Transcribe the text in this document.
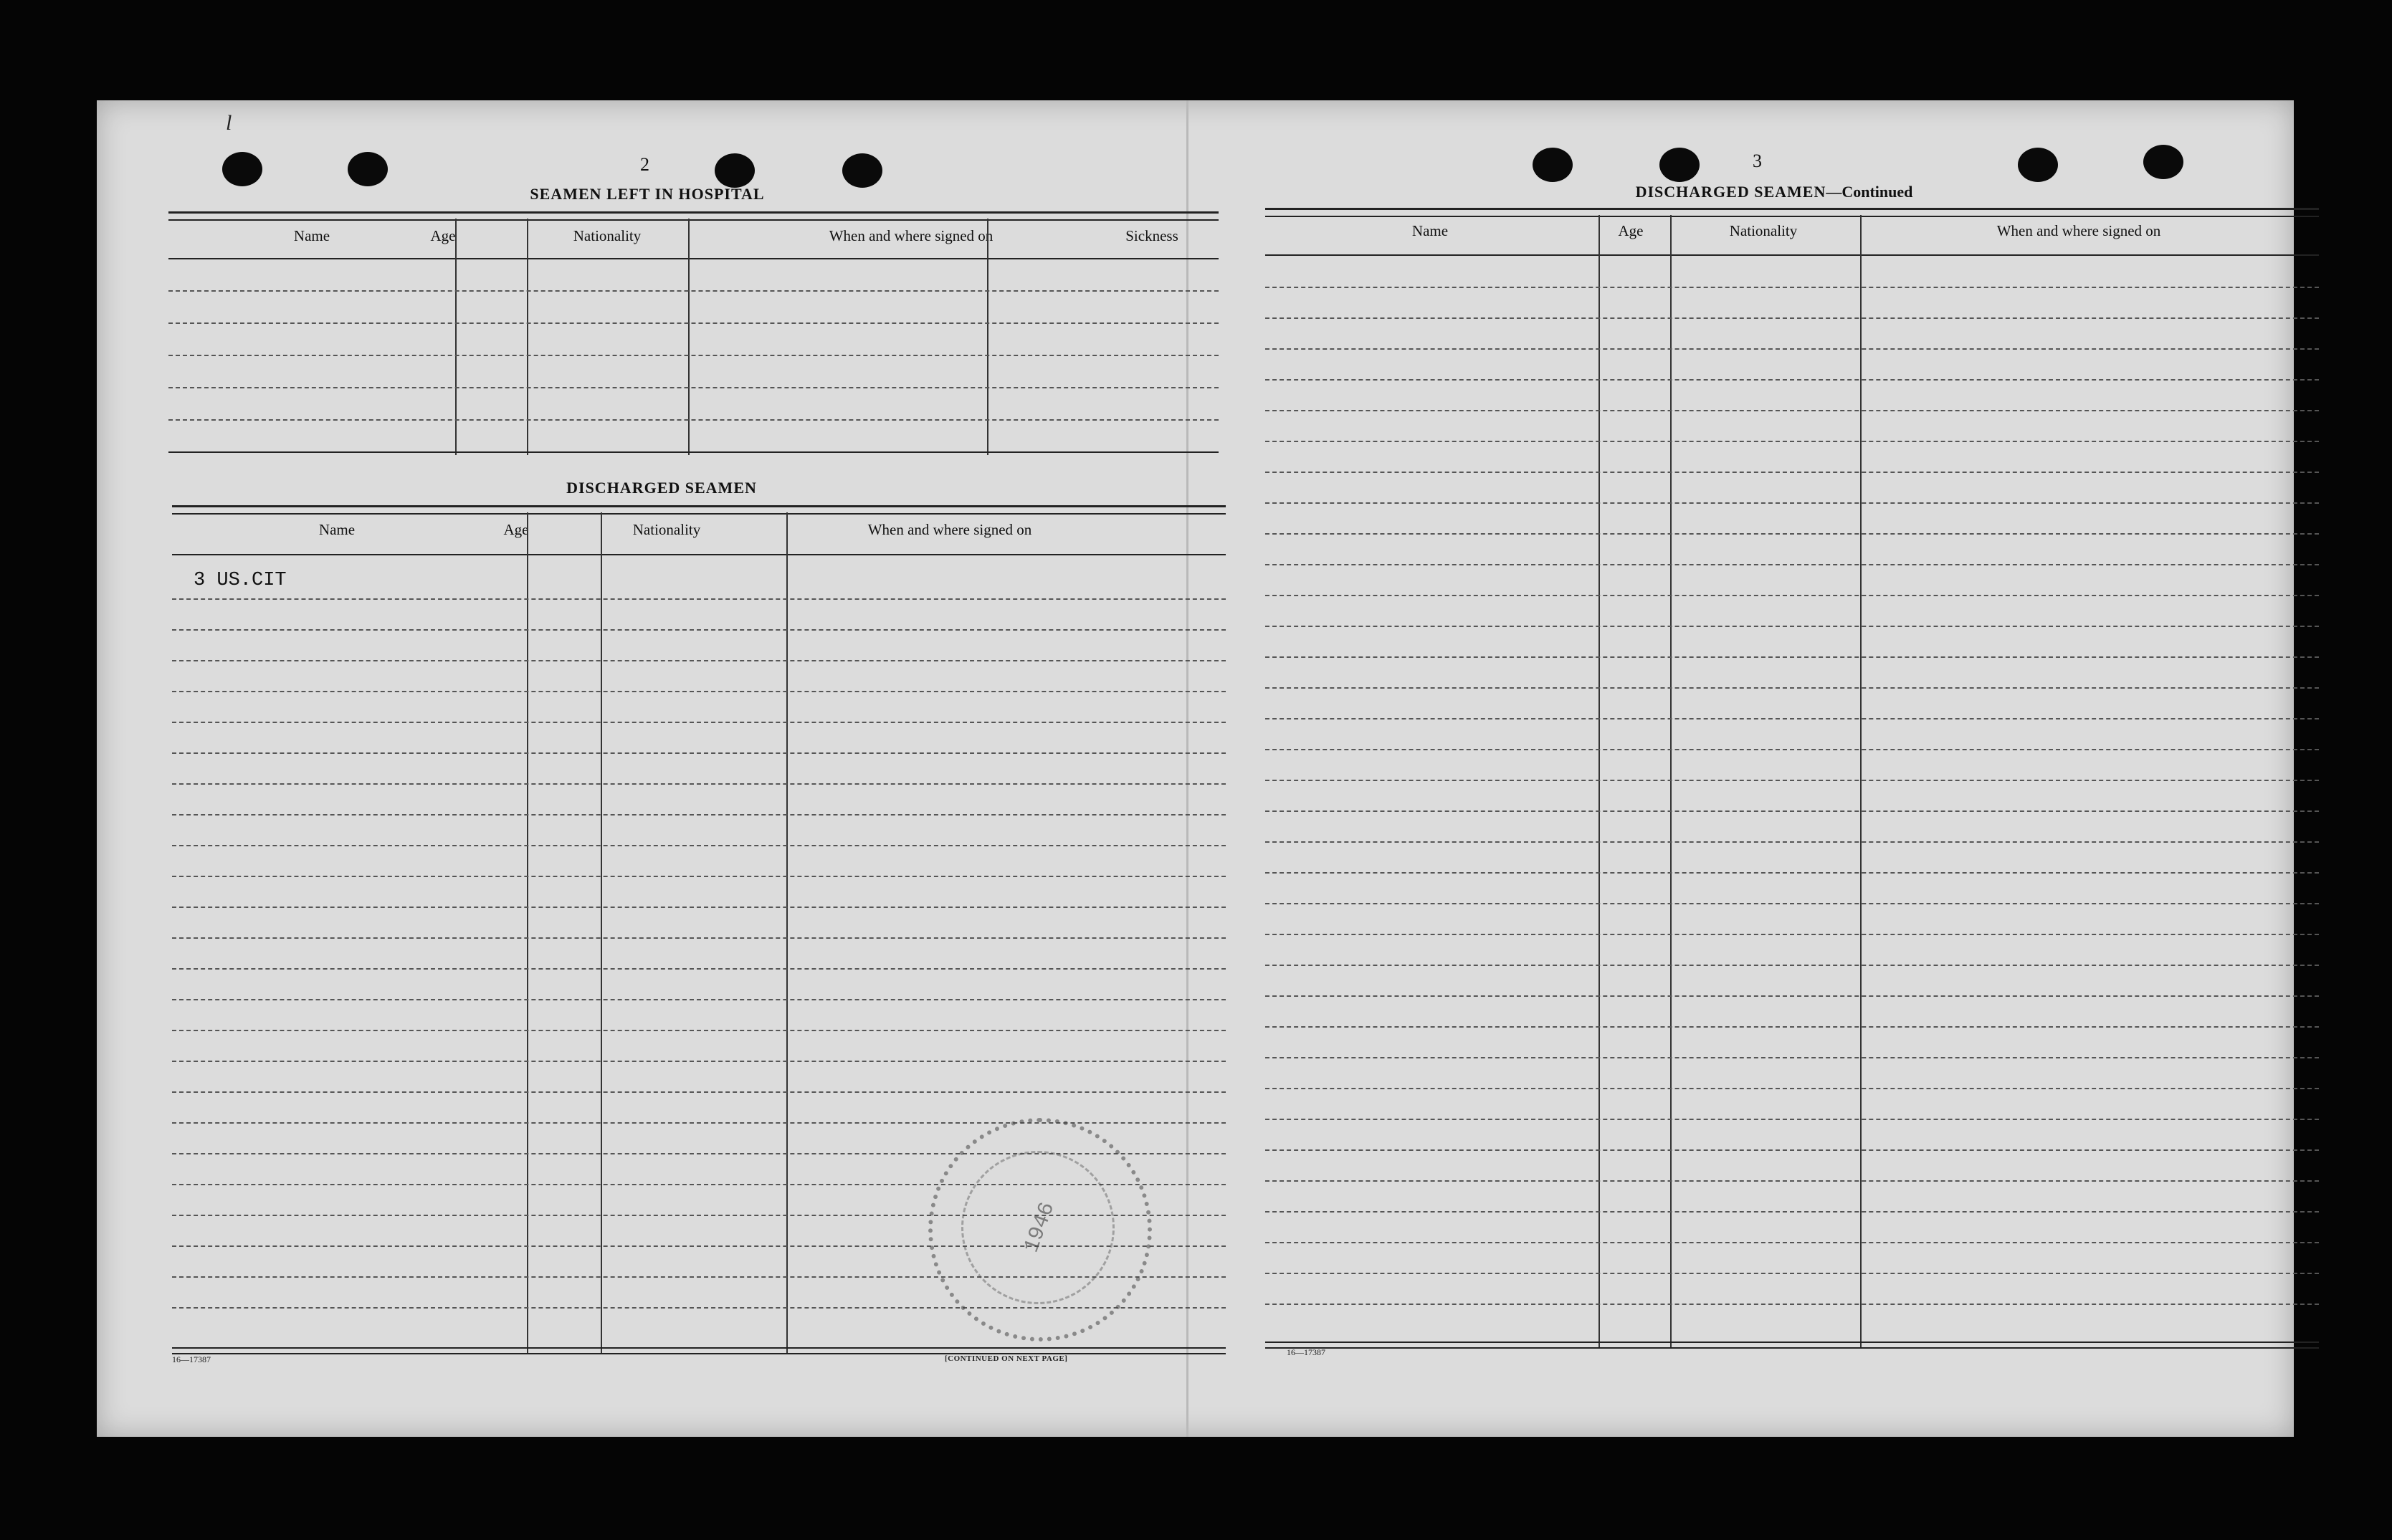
l
2
SEAMEN LEFT IN HOSPITAL
Name	Age	Nationality	When and where signed on	Sickness
DISCHARGED SEAMEN
Name	Age	Nationality	When and where signed on
3 US.CIT
1946
16—17387	[CONTINUED ON NEXT PAGE]
3
DISCHARGED SEAMEN—Continued
Name	Age	Nationality	When and where signed on
16—17387
